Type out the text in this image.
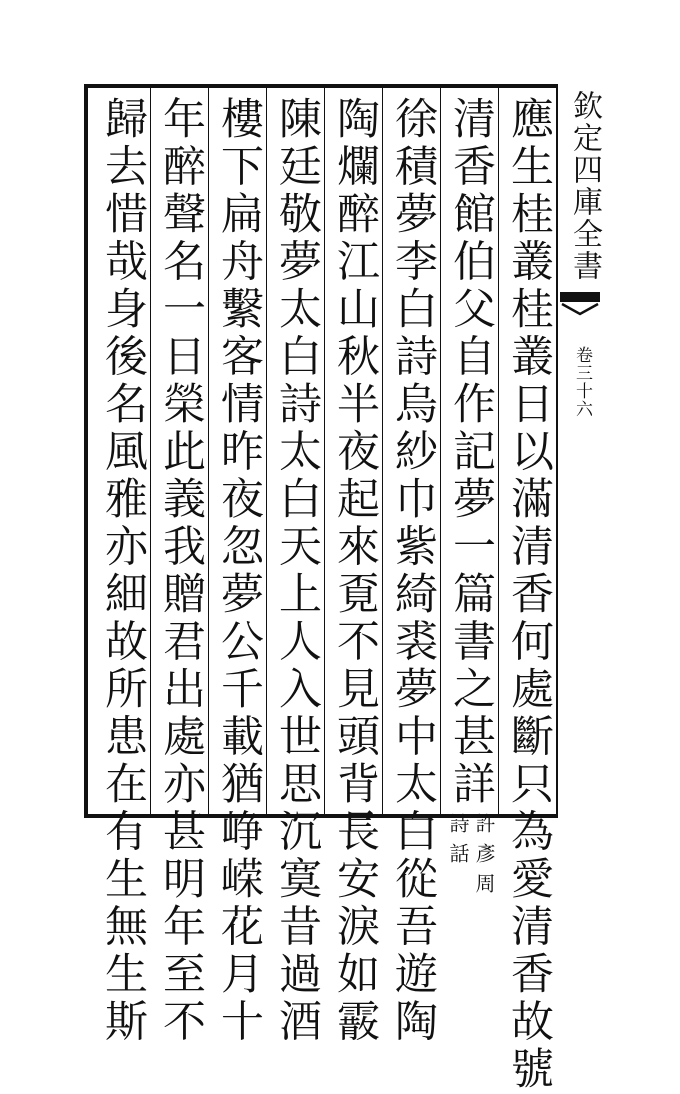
應生桂叢桂叢日以滿清香何處斷只為愛清香故號
清香館伯父自作記夢一篇書之甚詳
許彥周
詩話
徐積夢李白詩烏紗巾紫綺裘夢中太白從吾遊陶
陶爛醉江山秋半夜起來覔不見頭背長安淚如霰
陳廷敬夢太白詩太白天上人入世思沉寞昔過酒
樓下扁舟繫客情昨夜忽夢公千載猶峥嵘花月十
年醉聲名一日榮此義我贈君出處亦甚明年至不
歸去惜哉身後名風雅亦細故所患在有生無生斯	欽定四庫全書
卷三十六
